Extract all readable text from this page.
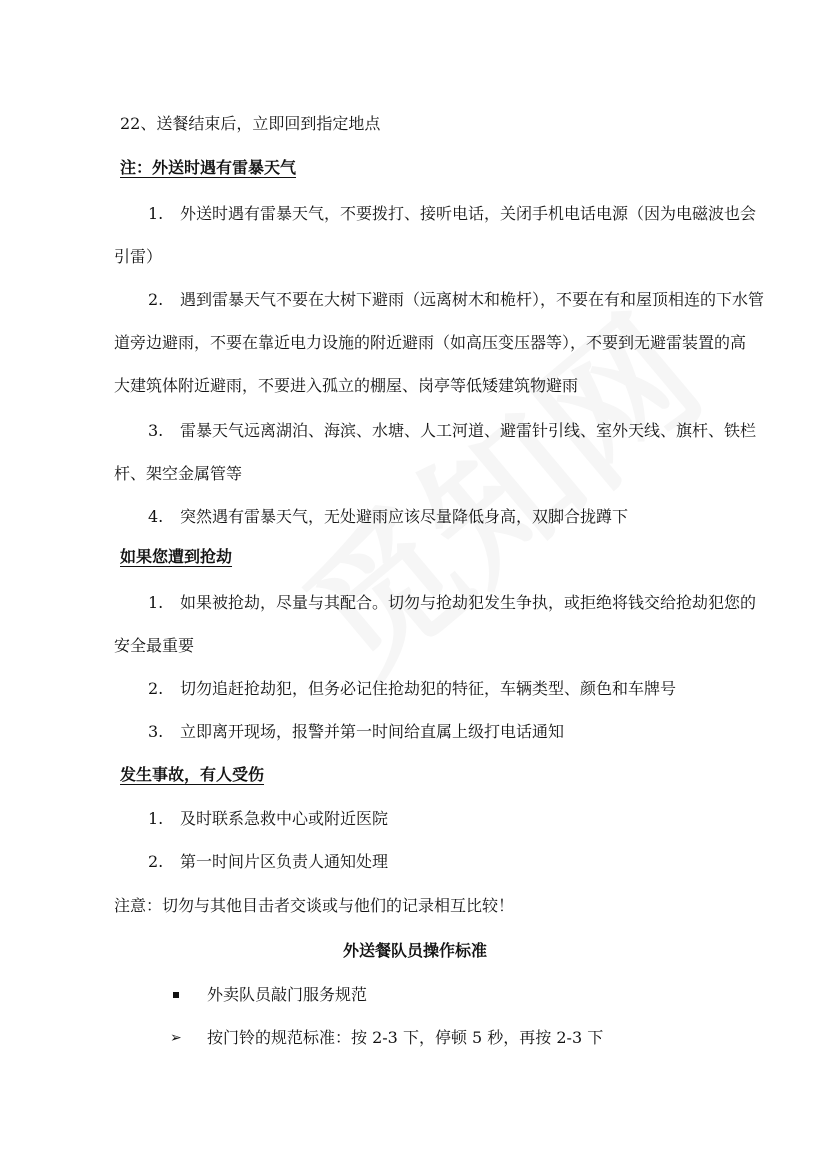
22、送餐结束后，立即回到指定地点
注：外送时遇有雷暴天气
1. 外送时遇有雷暴天气，不要拨打、接听电话，关闭手机电话电源（因为电磁波也会
引雷）
2. 遇到雷暴天气不要在大树下避雨（远离树木和桅杆），不要在有和屋顶相连的下水管
道旁边避雨，不要在靠近电力设施的附近避雨（如高压变压器等），不要到无避雷装置的高
大建筑体附近避雨，不要进入孤立的棚屋、岗亭等低矮建筑物避雨
3. 雷暴天气远离湖泊、海滨、水塘、人工河道、避雷针引线、室外天线、旗杆、铁栏
杆、架空金属管等
4. 突然遇有雷暴天气，无处避雨应该尽量降低身高，双脚合拢蹲下
如果您遭到抢劫
1. 如果被抢劫，尽量与其配合。切勿与抢劫犯发生争执，或拒绝将钱交给抢劫犯您的
安全最重要
2. 切勿追赶抢劫犯，但务必记住抢劫犯的特征，车辆类型、颜色和车牌号
3. 立即离开现场，报警并第一时间给直属上级打电话通知
发生事故，有人受伤
1. 及时联系急救中心或附近医院
2. 第一时间片区负责人通知处理
注意：切勿与其他目击者交谈或与他们的记录相互比较！
外送餐队员操作标准
外卖队员敲门服务规范
➢ 按门铃的规范标准：按 2-3 下，停顿 5 秒，再按 2-3 下
